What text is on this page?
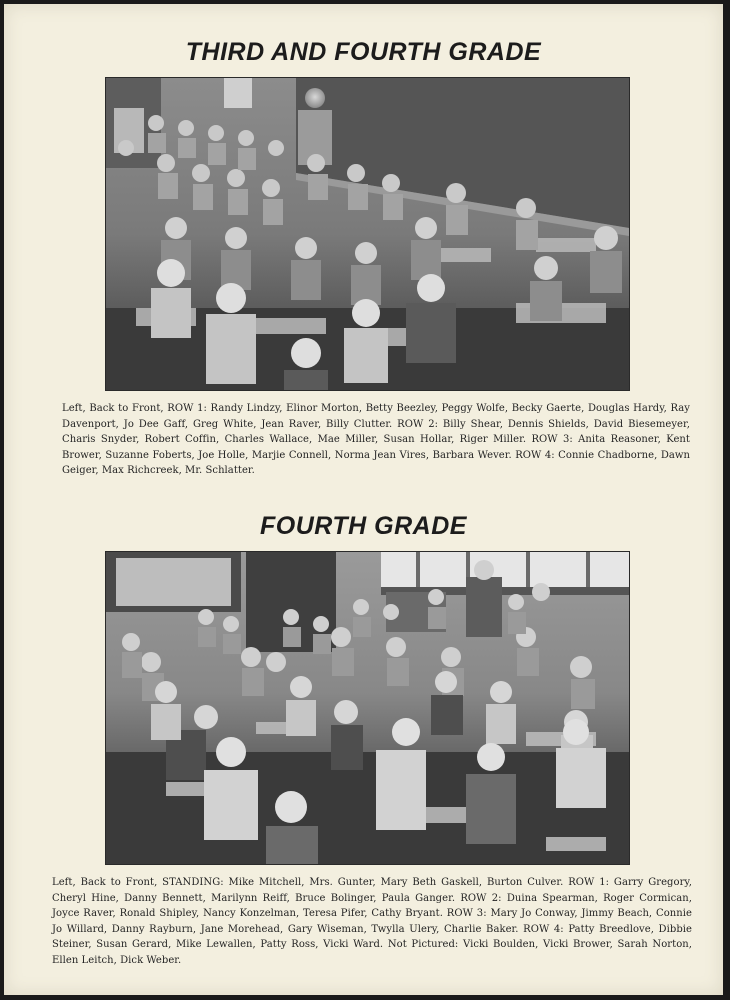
THIRD AND FOURTH GRADE

Left, Back to Front, ROW 1: Randy Lindzy, Elinor Morton, Betty Beezley, Peggy Wolfe, Becky Gaerte, Douglas Hardy, Ray Davenport, Jo Dee Gaff, Greg White, Jean Raver, Billy Clutter. ROW 2: Billy Shear, Dennis Shields, David Biesemeyer, Charis Snyder, Robert Coffin, Charles Wallace, Mae Miller, Susan Hollar, Riger Miller. ROW 3: Anita Reasoner, Kent Brower, Suzanne Foberts, Joe Holle, Marjie Connell, Norma Jean Vires, Barbara Wever. ROW 4: Connie Chadborne, Dawn Geiger, Max Richcreek, Mr. Schlatter.

FOURTH GRADE

Left, Back to Front, STANDING: Mike Mitchell, Mrs. Gunter, Mary Beth Gaskell, Burton Culver. ROW 1: Garry Gregory, Cheryl Hine, Danny Bennett, Marilynn Reiff, Bruce Bolinger, Paula Ganger. ROW 2: Duina Spearman, Roger Cormican, Joyce Raver, Ronald Shipley, Nancy Konzelman, Teresa Pifer, Cathy Bryant. ROW 3: Mary Jo Conway, Jimmy Beach, Connie Jo Willard, Danny Rayburn, Jane Morehead, Gary Wiseman, Twylla Ulery, Charlie Baker. ROW 4: Patty Breedlove, Dibbie Steiner, Susan Gerard, Mike Lewallen, Patty Ross, Vicki Ward. Not Pictured: Vicki Boulden, Vicki Brower, Sarah Norton, Ellen Leitch, Dick Weber.
